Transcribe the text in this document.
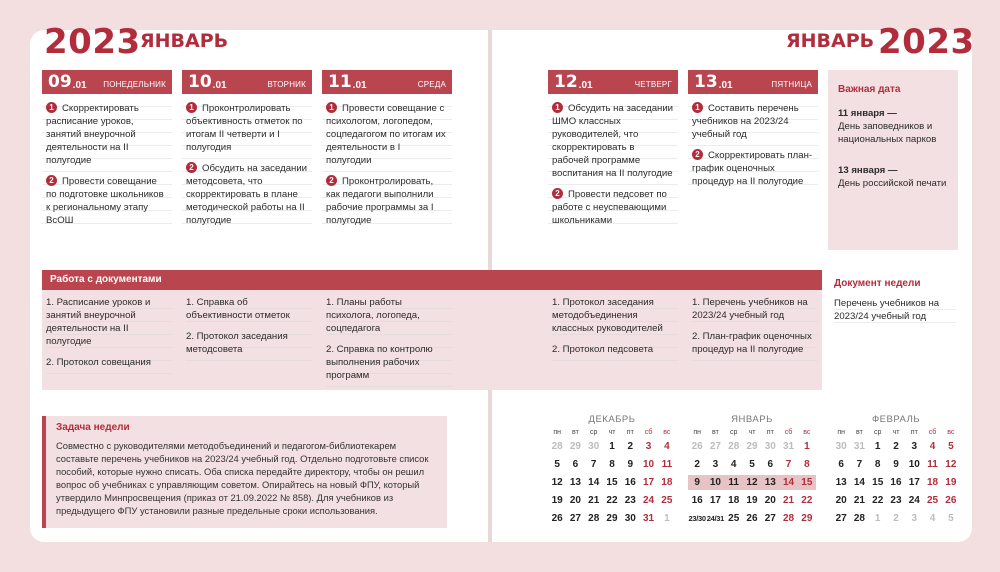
2023 ЯНВАРЬ	ЯНВАРЬ 2023
09 .01 ПОНЕДЕЛЬНИК
1 Скорректировать расписание уроков, занятий внеурочной деятельности на II полугодие
2 Провести совещание по подготовке школьников к региональному этапу ВсОШ
10 .01	ВТОРНИК
1 Проконтролировать объективность отметок по итогам II четверти и I полугодия
2 Обсудить на заседании методсовета, что скорректировать в плане методической работы на II полугодие
11 .01	СРЕДА
1 Провести совещание с психологом, логопедом, соцпедагогом по итогам их деятельности в I полугодии
2 Проконтролировать, как педагоги выполнили рабочие программы за I полугодие
12 .01	ЧЕТВЕРГ
1 Обсудить на заседании ШМО классных руководителей, что скорректировать в рабочей программе воспитания на II полугодие
2 Провести педсовет по работе с неуспевающими школьниками
13 .01	ПЯТНИЦА
1 Составить перечень учебников на 2023/24 учебный год
2 Скорректировать план-график оценочных процедур на II полугодие
Важная дата
11 января —
День заповедников и национальных парков
13 января —
День российской печати
Работа с документами
1. Расписание уроков и занятий внеурочной деятельности на II полугодие
2. Протокол совещания
1. Справка об объективности отметок
2. Протокол заседания методсовета
1. Планы работы психолога, логопеда, соцпедагога
2. Справка по контролю выполнения рабочих программ
1. Протокол заседания методобъединения классных руководителей
2. Протокол педсовета
1. Перечень учебников на 2023/24 учебный год
2. План-график оценочных процедур на II полугодие
Документ недели
Перечень учебников на 2023/24 учебный год
Задача недели
Совместно с руководителями методобъединений и педагогом-библиотекарем составьте перечень учебников на 2023/24 учебный год. Отдельно подготовьте список пособий, которые нужно списать. Оба списка передайте директору, чтобы он решил вопрос об учебниках с управляющим советом. Опирайтесь на новый ФПУ, который утвердило Минпросвещения (приказ от 21.09.2022 № 858). Для учебников из предыдущего ФПУ установили разные предельные сроки использования.
ДЕКАБРЬ
пн	вт	ср	чт	пт	сб	вс
28 29 30 1	2	3	4
5	6	7	8	9 10 11
12 13 14 15 16 17 18
19 20 21 22 23 24 25
26 27 28 29 30 31 1
ЯНВАРЬ
пн	вт	ср	чт	пт	сб	вс
26 27 28 29 30 31 1
2	3	4	5	6	7	8
9 10 11 12 13 14 15
16 17 18 19 20 21 22
23/30 24/31 25 26 27 28 29
ФЕВРАЛЬ
пн	вт	ср	чт	пт	сб	вс
30 31 1	2	3	4	5
6	7	8	9 10 11 12
13 14 15 16 17 18 19
20 21 22 23 24 25 26
27 28 1	2	3	4	5
